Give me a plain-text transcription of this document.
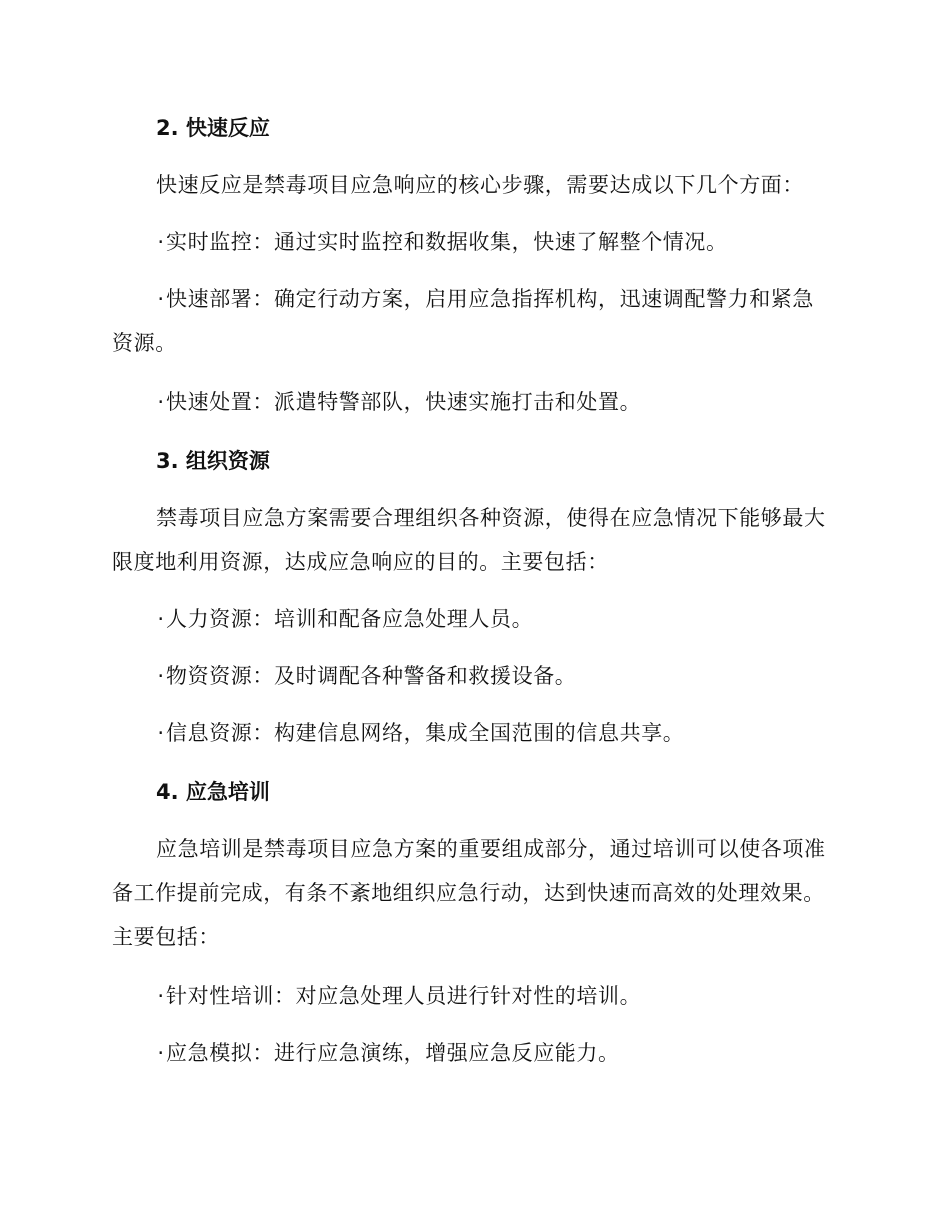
2. 快速反应
快速反应是禁毒项目应急响应的核心步骤，需要达成以下几个方面：
·实时监控：通过实时监控和数据收集，快速了解整个情况。
·快速部署：确定行动方案，启用应急指挥机构，迅速调配警力和紧急资源。
·快速处置：派遣特警部队，快速实施打击和处置。
3. 组织资源
禁毒项目应急方案需要合理组织各种资源，使得在应急情况下能够最大限度地利用资源，达成应急响应的目的。主要包括：
·人力资源：培训和配备应急处理人员。
·物资资源：及时调配各种警备和救援设备。
·信息资源：构建信息网络，集成全国范围的信息共享。
4. 应急培训
应急培训是禁毒项目应急方案的重要组成部分，通过培训可以使各项准备工作提前完成，有条不紊地组织应急行动，达到快速而高效的处理效果。主要包括：
·针对性培训：对应急处理人员进行针对性的培训。
·应急模拟：进行应急演练，增强应急反应能力。
